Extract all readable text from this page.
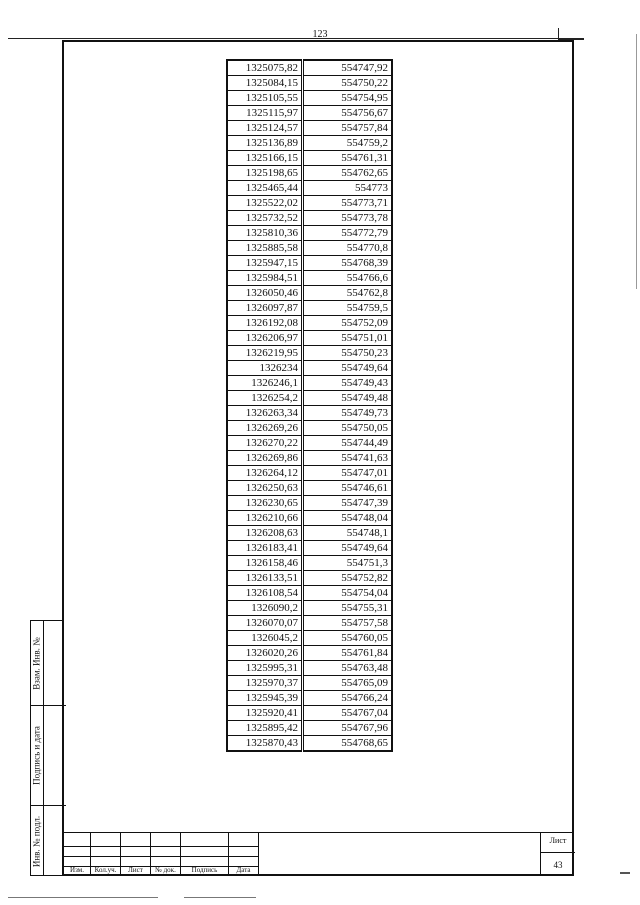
123
1325075,82	554747,92
1325084,15	554750,22
1325105,55	554754,95
1325115,97	554756,67
1325124,57	554757,84
1325136,89	554759,2
1325166,15	554761,31
1325198,65	554762,65
1325465,44	554773
1325522,02	554773,71
1325732,52	554773,78
1325810,36	554772,79
1325885,58	554770,8
1325947,15	554768,39
1325984,51	554766,6
1326050,46	554762,8
1326097,87	554759,5
1326192,08	554752,09
1326206,97	554751,01
1326219,95	554750,23
1326234	554749,64
1326246,1	554749,43
1326254,2	554749,48
1326263,34	554749,73
1326269,26	554750,05
1326270,22	554744,49
1326269,86	554741,63
1326264,12	554747,01
1326250,63	554746,61
1326230,65	554747,39
1326210,66	554748,04
1326208,63	554748,1
1326183,41	554749,64
1326158,46	554751,3
1326133,51	554752,82
1326108,54	554754,04
1326090,2	554755,31
1326070,07	554757,58
1326045,2	554760,05
1326020,26	554761,84
1325995,31	554763,48
1325970,37	554765,09
1325945,39	554766,24
1325920,41	554767,04
1325895,42	554767,96
1325870,43	554768,65
Взам. Инв. №
Подпись и дата
Инв. № подл.
Изм.	Кол.уч.	Лист	№ док.	Подпись	Дата
Лист
43
